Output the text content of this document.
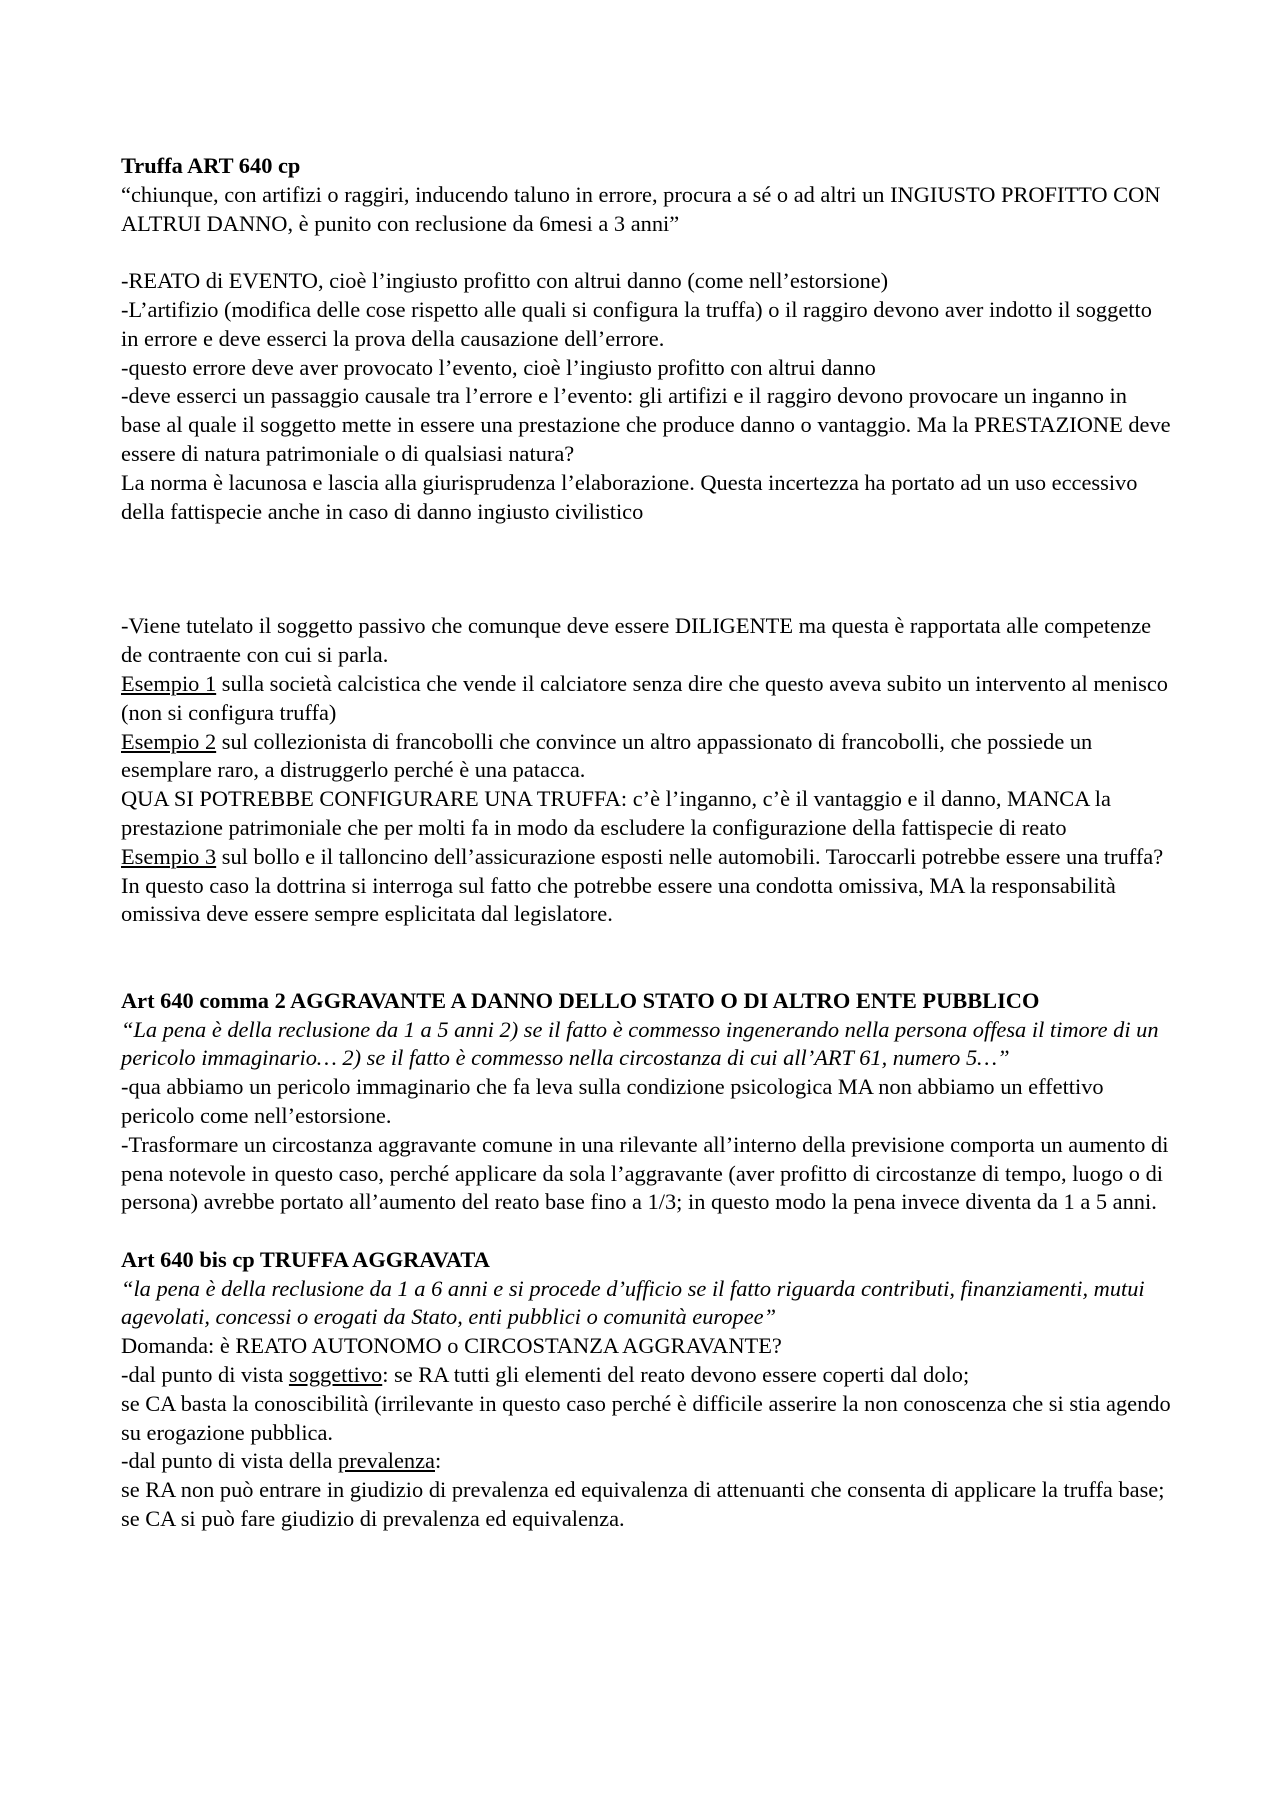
Truffa ART 640 cp

“chiunque, con artifizi o raggiri, inducendo taluno in errore, procura a sé o ad altri un INGIUSTO PROFITTO CON ALTRUI DANNO, è punito con reclusione da 6mesi a 3 anni”

-REATO di EVENTO, cioè l’ingiusto profitto con altrui danno (come nell’estorsione)

-L’artifizio (modifica delle cose rispetto alle quali si configura la truffa) o il raggiro devono aver indotto il soggetto in errore e deve esserci la prova della causazione dell’errore.

-questo errore deve aver provocato l’evento, cioè l’ingiusto profitto con altrui danno

-deve esserci un passaggio causale tra l’errore e l’evento: gli artifizi e il raggiro devono provocare un inganno in base al quale il soggetto mette in essere una prestazione che produce danno o vantaggio. Ma la PRESTAZIONE deve essere di natura patrimoniale o di qualsiasi natura?

La norma è lacunosa e lascia alla giurisprudenza l’elaborazione. Questa incertezza ha portato ad un uso eccessivo della fattispecie anche in caso di danno ingiusto civilistico

-Viene tutelato il soggetto passivo che comunque deve essere DILIGENTE ma questa è rapportata alle competenze de contraente con cui si parla.

Esempio 1 sulla società calcistica che vende il calciatore senza dire che questo aveva subito un intervento al menisco (non si configura truffa)

Esempio 2 sul collezionista di francobolli che convince un altro appassionato di francobolli, che possiede un esemplare raro, a distruggerlo perché è una patacca.

QUA SI POTREBBE CONFIGURARE UNA TRUFFA: c’è l’inganno, c’è il vantaggio e il danno, MANCA la prestazione patrimoniale che per molti fa in modo da escludere la configurazione della fattispecie di reato

Esempio 3 sul bollo e il talloncino dell’assicurazione esposti nelle automobili. Taroccarli potrebbe essere una truffa? In questo caso la dottrina si interroga sul fatto che potrebbe essere una condotta omissiva, MA la responsabilità omissiva deve essere sempre esplicitata dal legislatore.

Art 640 comma 2 AGGRAVANTE A DANNO DELLO STATO O DI ALTRO ENTE PUBBLICO

“La pena è della reclusione da 1 a 5 anni 2) se il fatto è commesso ingenerando nella persona offesa il timore di un pericolo immaginario… 2) se il fatto è commesso nella circostanza di cui all’ART 61, numero 5…”

-qua abbiamo un pericolo immaginario che fa leva sulla condizione psicologica MA non abbiamo un effettivo pericolo come nell’estorsione.

-Trasformare un circostanza aggravante comune in una rilevante all’interno della previsione comporta un aumento di pena notevole in questo caso, perché applicare da sola l’aggravante (aver profitto di circostanze di tempo, luogo o di persona) avrebbe portato all’aumento del reato base fino a 1/3; in questo modo la pena invece diventa da 1 a 5 anni.

Art 640 bis cp TRUFFA AGGRAVATA

“la pena è della reclusione da 1 a 6 anni e si procede d’ufficio se il fatto riguarda contributi, finanziamenti, mutui agevolati, concessi o erogati da Stato, enti pubblici o comunità europee”

Domanda: è REATO AUTONOMO o CIRCOSTANZA AGGRAVANTE?

-dal punto di vista soggettivo: se RA tutti gli elementi del reato devono essere coperti dal dolo;

se CA basta la conoscibilità (irrilevante in questo caso perché è difficile asserire la non conoscenza che si stia agendo su erogazione pubblica.

-dal punto di vista della prevalenza:

se RA non può entrare in giudizio di prevalenza ed equivalenza di attenuanti che consenta di applicare la truffa base;

se CA si può fare giudizio di prevalenza ed equivalenza.
